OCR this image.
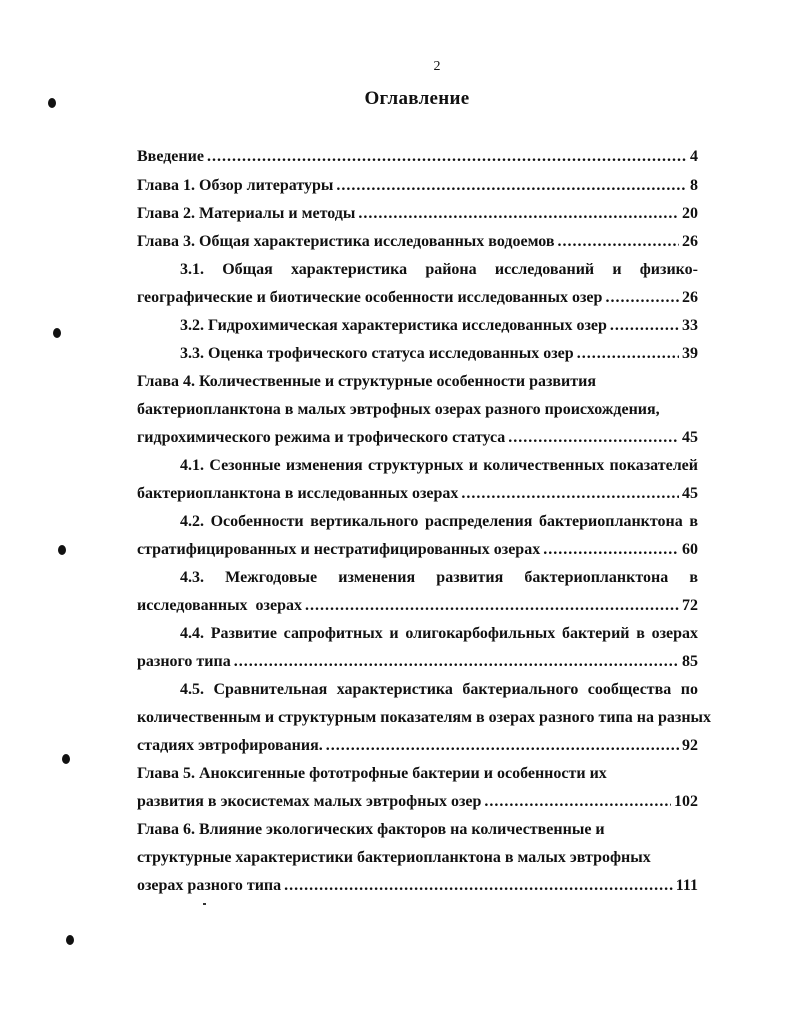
2
Оглавление
Введение .....	4
Глава 1. Обзор литературы .....	8
Глава 2. Материалы и методы .....	20
Глава 3. Общая характеристика исследованных водоемов .....	26
3.1. Общая характеристика района исследований и физико-
географические и биотические особенности исследованных озер .....	26
3.2. Гидрохимическая характеристика исследованных озер .....	33
3.3. Оценка трофического статуса исследованных озер .....	39
Глава 4. Количественные и структурные особенности развития
бактериопланктона в малых эвтрофных озерах разного происхождения,
гидрохимического режима и трофического статуса .....	45
4.1. Сезонные изменения структурных и количественных показателей
бактериопланктона в исследованных озерах .....	45
4.2. Особенности вертикального распределения бактериопланктона в
стратифицированных и нестратифицированных озерах .....	60
4.3. Межгодовые изменения развития бактериопланктона в
исследованных  озерах .....	72
4.4. Развитие сапрофитных и олигокарбофильных бактерий в озерах
разного типа .....	85
4.5. Сравнительная характеристика бактериального сообщества по
количественным и структурным показателям в озерах разного типа на разных
стадиях эвтрофирования. .....	92
Глава 5. Аноксигенные фототрофные бактерии и особенности их
развития в экосистемах малых эвтрофных озер .....	102
Глава 6. Влияние экологических факторов на количественные и
структурные характеристики бактериопланктона в малых эвтрофных
озерах разного типа .....	111
